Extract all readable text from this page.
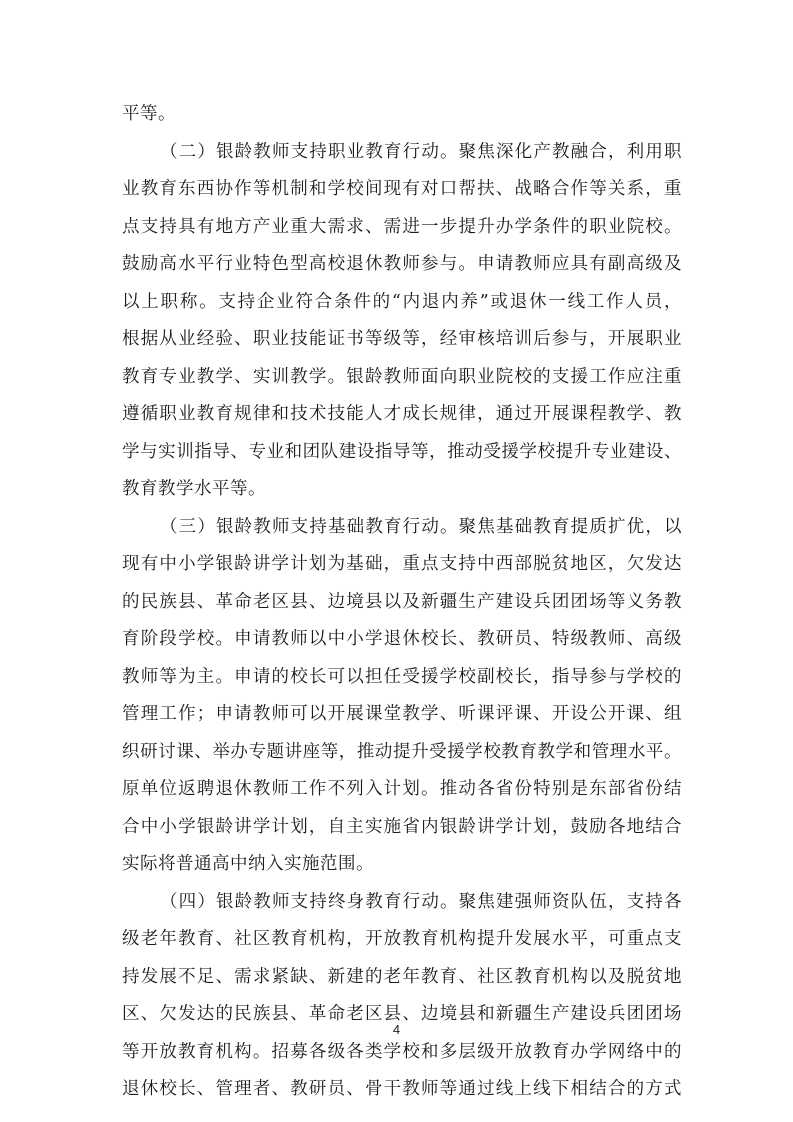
平等。
（二）银龄教师支持职业教育行动。聚焦深化产教融合，利用职
业教育东西协作等机制和学校间现有对口帮扶、战略合作等关系，重
点支持具有地方产业重大需求、需进一步提升办学条件的职业院校。
鼓励高水平行业特色型高校退休教师参与。申请教师应具有副高级及
以上职称。支持企业符合条件的“内退内养”或退休一线工作人员，
根据从业经验、职业技能证书等级等，经审核培训后参与，开展职业
教育专业教学、实训教学。银龄教师面向职业院校的支援工作应注重
遵循职业教育规律和技术技能人才成长规律，通过开展课程教学、教
学与实训指导、专业和团队建设指导等，推动受援学校提升专业建设、
教育教学水平等。
（三）银龄教师支持基础教育行动。聚焦基础教育提质扩优，以
现有中小学银龄讲学计划为基础，重点支持中西部脱贫地区，欠发达
的民族县、革命老区县、边境县以及新疆生产建设兵团团场等义务教
育阶段学校。申请教师以中小学退休校长、教研员、特级教师、高级
教师等为主。申请的校长可以担任受援学校副校长，指导参与学校的
管理工作；申请教师可以开展课堂教学、听课评课、开设公开课、组
织研讨课、举办专题讲座等，推动提升受援学校教育教学和管理水平。
原单位返聘退休教师工作不列入计划。推动各省份特别是东部省份结
合中小学银龄讲学计划，自主实施省内银龄讲学计划，鼓励各地结合
实际将普通高中纳入实施范围。
（四）银龄教师支持终身教育行动。聚焦建强师资队伍，支持各
级老年教育、社区教育机构，开放教育机构提升发展水平，可重点支
持发展不足、需求紧缺、新建的老年教育、社区教育机构以及脱贫地
区、欠发达的民族县、革命老区县、边境县和新疆生产建设兵团团场
等开放教育机构。招募各级各类学校和多层级开放教育办学网络中的
退休校长、管理者、教研员、骨干教师等通过线上线下相结合的方式
4
